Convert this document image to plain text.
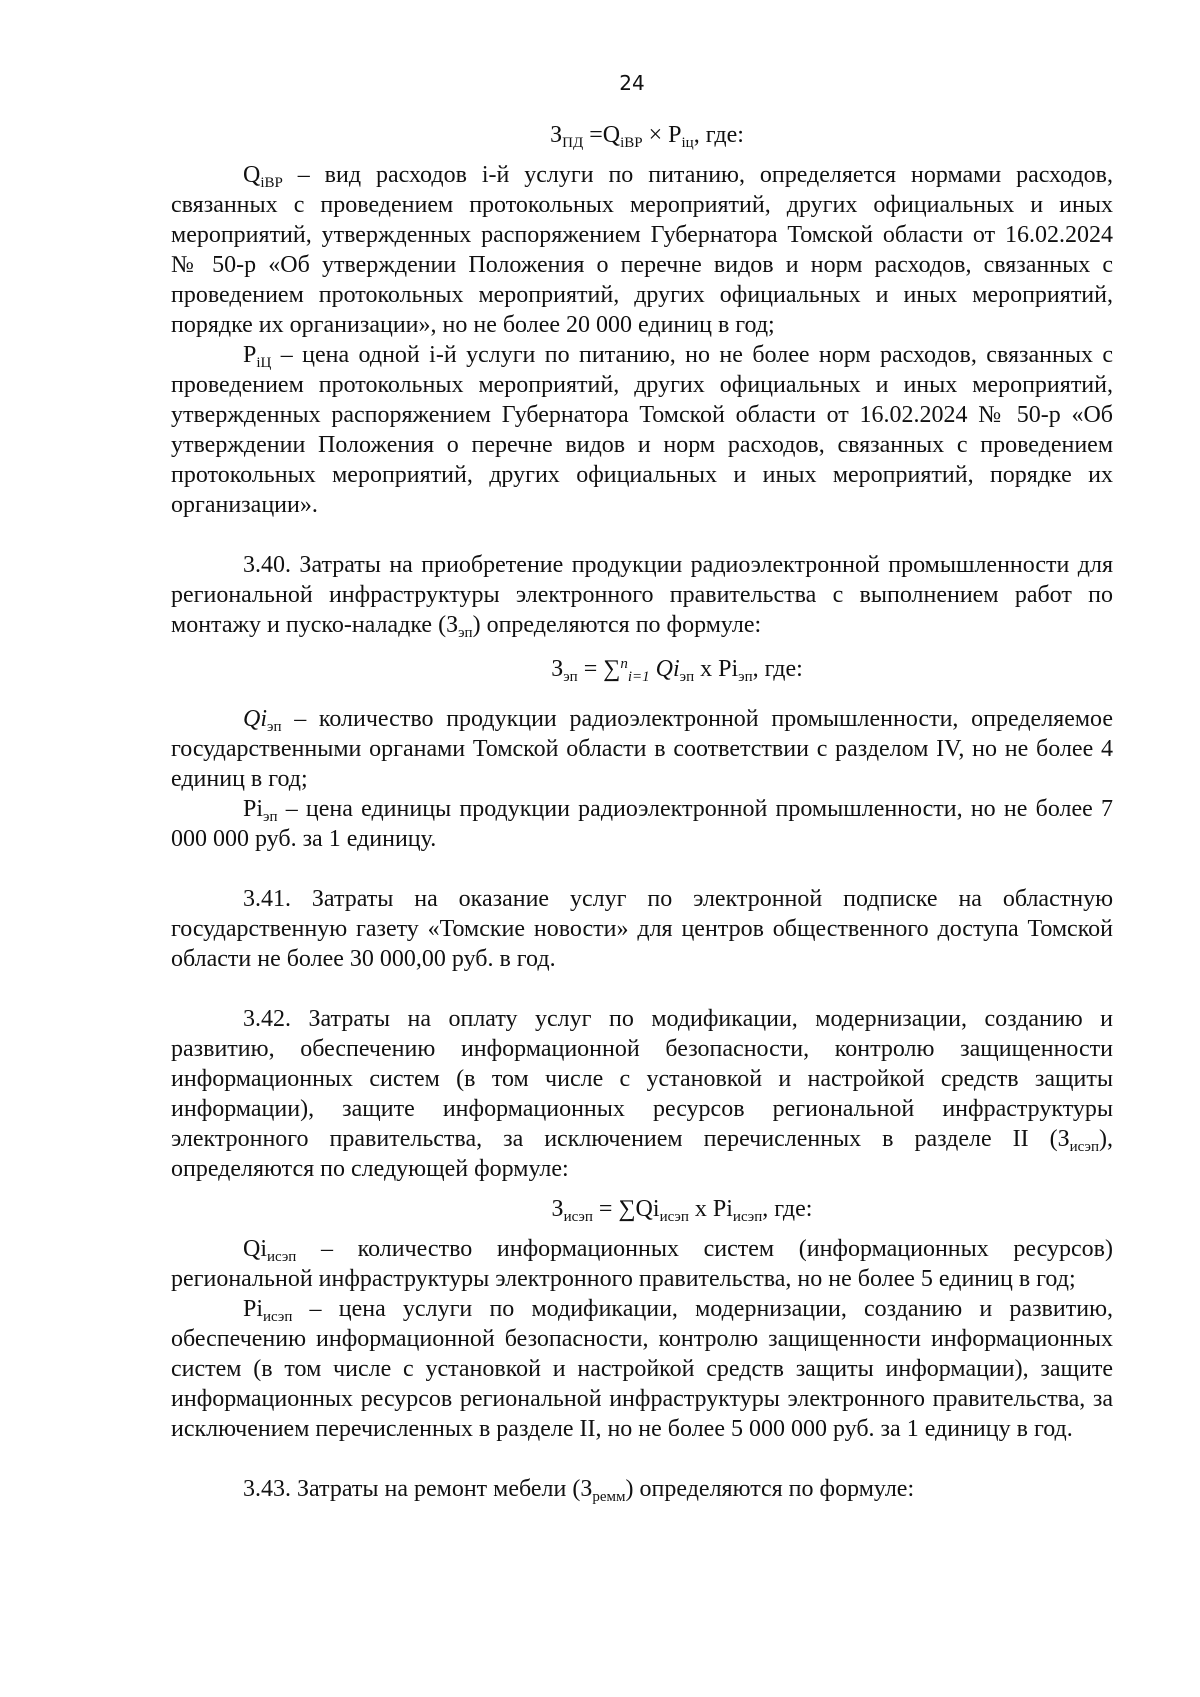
24

$З_{ПД} =Q_{iВР} \times P_{iц}$, где:

$Q_{iВР}$ – вид расходов i-й услуги по питанию, определяется нормами расходов, связанных с проведением протокольных мероприятий, других официальных и иных мероприятий, утвержденных распоряжением Губернатора Томской области от 16.02.2024 № 50-р «Об утверждении Положения о перечне видов и норм расходов, связанных с проведением протокольных мероприятий, других официальных и иных мероприятий, порядке их организации», но не более 20 000 единиц в год;

$P_{iЦ}$ – цена одной i-й услуги по питанию, но не более норм расходов, связанных с проведением протокольных мероприятий, других официальных и иных мероприятий, утвержденных распоряжением Губернатора Томской области от 16.02.2024 № 50-р «Об утверждении Положения о перечне видов и норм расходов, связанных с проведением протокольных мероприятий, других официальных и иных мероприятий, порядке их организации».

3.40. Затраты на приобретение продукции радиоэлектронной промышленности для региональной инфраструктуры электронного правительства с выполнением работ по монтажу и пуско-наладке $(З_{эп})$ определяются по формуле:

$З_{эп} = \sum^n_{i=1}$ $Qi_{эп}$ x $Pi_{эп}$, где:

$Qi_{эп}$ – количество продукции радиоэлектронной промышленности, определяемое государственными органами Томской области в соответствии с разделом IV, но не более 4 единиц в год;

$Pi_{эп}$ – цена единицы продукции радиоэлектронной промышленности, но не более 7 000 000 руб. за 1 единицу.

3.41. Затраты на оказание услуг по электронной подписке на областную государственную газету «Томские новости» для центров общественного доступа Томской области не более 30 000,00 руб. в год.

3.42. Затраты на оплату услуг по модификации, модернизации, созданию и развитию, обеспечению информационной безопасности, контролю защищенности информационных систем (в том числе с установкой и настройкой средств защиты информации), защите информационных ресурсов региональной инфраструктуры электронного правительства, за исключением перечисленных в разделе II $(З_{исэп})$, определяются по следующей формуле:

$З_{исэп} = \sum Qi_{исэп}$ x $Pi_{исэп}$, где:

$Qi_{исэп}$ – количество информационных систем (информационных ресурсов) региональной инфраструктуры электронного правительства, но не более 5 единиц в год;

$Pi_{исэп}$ – цена услуги по модификации, модернизации, созданию и развитию, обеспечению информационной безопасности, контролю защищенности информационных систем (в том числе с установкой и настройкой средств защиты информации), защите информационных ресурсов региональной инфраструктуры электронного правительства, за исключением перечисленных в разделе II, но не более 5 000 000 руб. за 1 единицу в год.

3.43. Затраты на ремонт мебели $(З_{ремм})$ определяются по формуле:
